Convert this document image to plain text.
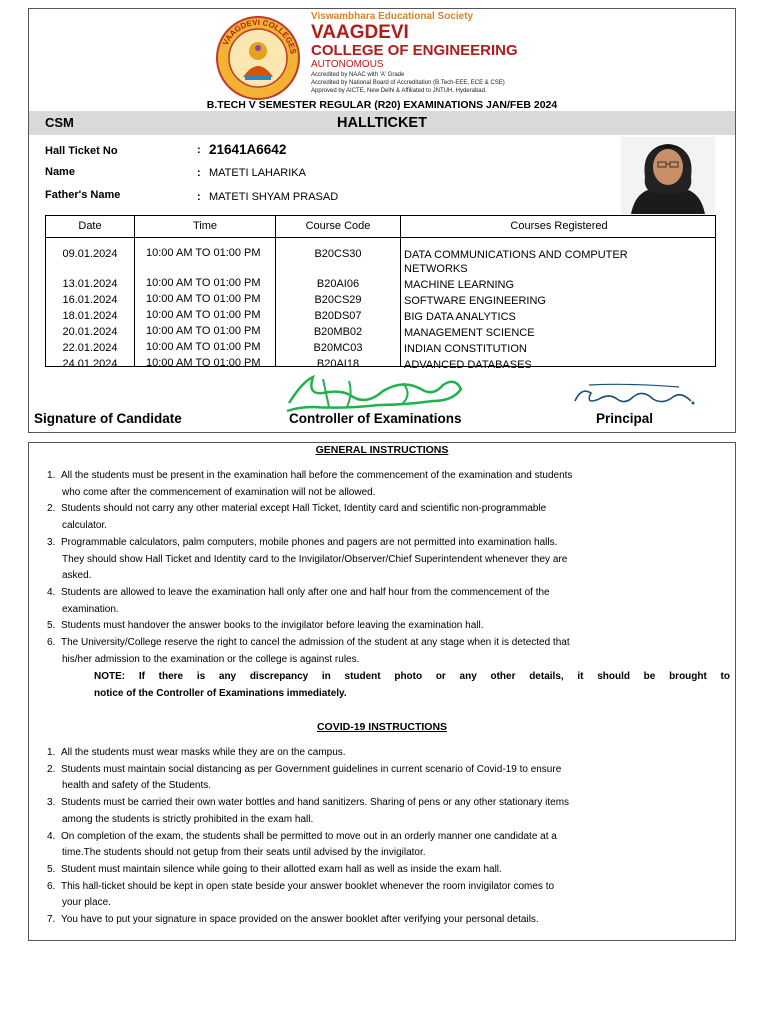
VAAGDEVI COLLEGES
Viswambhara Educational Society
VAAGDEVI
COLLEGE OF ENGINEERING
AUTONOMOUS
Accredited by NAAC with 'A' Grade
Accredited by National Board of Accreditation (B.Tech-EEE, ECE & CSE)
Approved by AICTE, New Delhi & Affiliated to JNTUH, Hyderabad.
B.TECH V SEMESTER REGULAR (R20) EXAMINATIONS JAN/FEB 2024
CSM	HALLTICKET
Hall Ticket No	: 21641A6642
Name	: MATETI LAHARIKA
Father's Name	: MATETI SHYAM PRASAD
Date	Time	Course Code	Courses Registered
09.01.2024	10:00 AM TO 01:00 PM	B20CS30	DATA COMMUNICATIONS AND COMPUTER NETWORKS
13.01.2024	10:00 AM TO 01:00 PM	B20AI06	MACHINE LEARNING
16.01.2024	10:00 AM TO 01:00 PM	B20CS29	SOFTWARE ENGINEERING
18.01.2024	10:00 AM TO 01:00 PM	B20DS07	BIG DATA ANALYTICS
20.01.2024	10:00 AM TO 01:00 PM	B20MB02	MANAGEMENT SCIENCE
22.01.2024	10:00 AM TO 01:00 PM	B20MC03	INDIAN CONSTITUTION
24.01.2024	10:00 AM TO 01:00 PM	B20AI18	ADVANCED DATABASES
Signature of Candidate	Controller of Examinations	Principal
GENERAL INSTRUCTIONS
1. All the students must be present in the examination hall before the commencement of the examination and students
who come after the commencement of examination will not be allowed.
2. Students should not carry any other material except Hall Ticket, Identity card and scientific non-programmable
calculator.
3. Programmable calculators, palm computers, mobile phones and pagers are not permitted into examination halls.
They should show Hall Ticket and Identity card to the Invigilator/Observer/Chief Superintendent whenever they are
asked.
4. Students are allowed to leave the examination hall only after one and half hour from the commencement of the
examination.
5. Students must handover the answer books to the invigilator before leaving the examination hall.
6. The University/College reserve the right to cancel the admission of the student at any stage when it is detected that
his/her admission to the examination or the college is against rules.
NOTE: If there is any discrepancy in student photo or any other details, it should be brought to
notice of the Controller of Examinations immediately.
COVID-19 INSTRUCTIONS
1. All the students must wear masks while they are on the campus.
2. Students must maintain social distancing as per Government guidelines in current scenario of Covid-19 to ensure
health and safety of the Students.
3. Students must be carried their own water bottles and hand sanitizers. Sharing of pens or any other stationary items
among the students is strictly prohibited in the exam hall.
4. On completion of the exam, the students shall be permitted to move out in an orderly manner one candidate at a
time.The students should not getup from their seats until advised by the invigilator.
5. Student must maintain silence while going to their allotted exam hall as well as inside the exam hall.
6. This hall-ticket should be kept in open state beside your answer booklet whenever the room invigilator comes to
your place.
7. You have to put your signature in space provided on the answer booklet after verifying your personal details.
